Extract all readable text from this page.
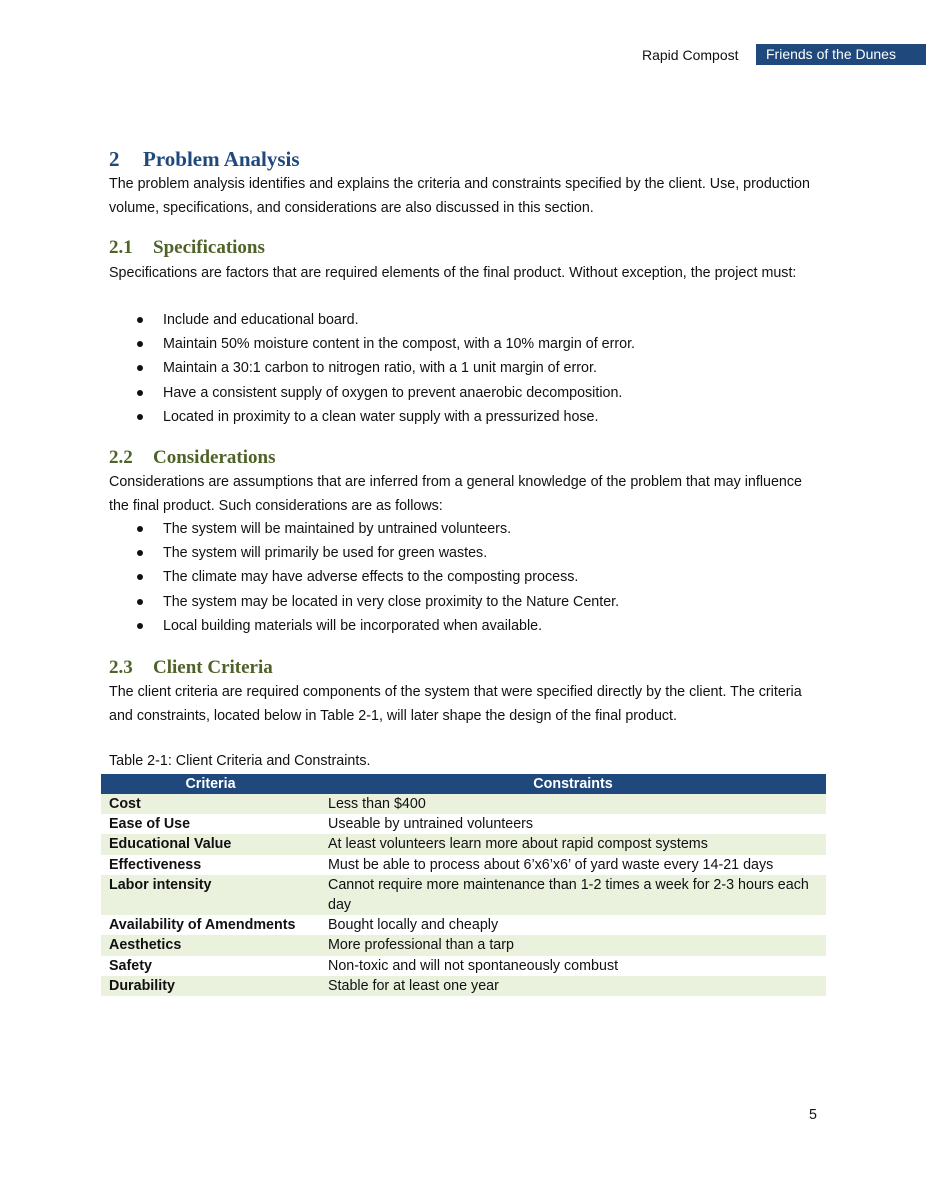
Rapid Compost	Friends of the Dunes
2 Problem Analysis
The problem analysis identifies and explains the criteria and constraints specified by the client. Use, production volume, specifications, and considerations are also discussed in this section.
2.1 Specifications
Specifications are factors that are required elements of the final product. Without exception, the project must:
Include and educational board.
Maintain 50% moisture content in the compost, with a 10% margin of error.
Maintain a 30:1 carbon to nitrogen ratio, with a 1 unit margin of error.
Have a consistent supply of oxygen to prevent anaerobic decomposition.
Located in proximity to a clean water supply with a pressurized hose.
2.2 Considerations
Considerations are assumptions that are inferred from a general knowledge of the problem that may influence the final product. Such considerations are as follows:
The system will be maintained by untrained volunteers.
The system will primarily be used for green wastes.
The climate may have adverse effects to the composting process.
The system may be located in very close proximity to the Nature Center.
Local building materials will be incorporated when available.
2.3 Client Criteria
The client criteria are required components of the system that were specified directly by the client. The criteria and constraints, located below in Table 2-1, will later shape the design of the final product.
Table 2-1: Client Criteria and Constraints.
Criteria	Constraints
Cost	Less than $400
Ease of Use	Useable by untrained volunteers
Educational Value	At least volunteers learn more about rapid compost systems
Effectiveness	Must be able to process about 6’x6’x6’ of yard waste every 14-21 days
Labor intensity	Cannot require more maintenance than 1-2 times a week for 2-3 hours each day
Availability of Amendments	Bought locally and cheaply
Aesthetics	More professional than a tarp
Safety	Non-toxic and will not spontaneously combust
Durability	Stable for at least one year
5
